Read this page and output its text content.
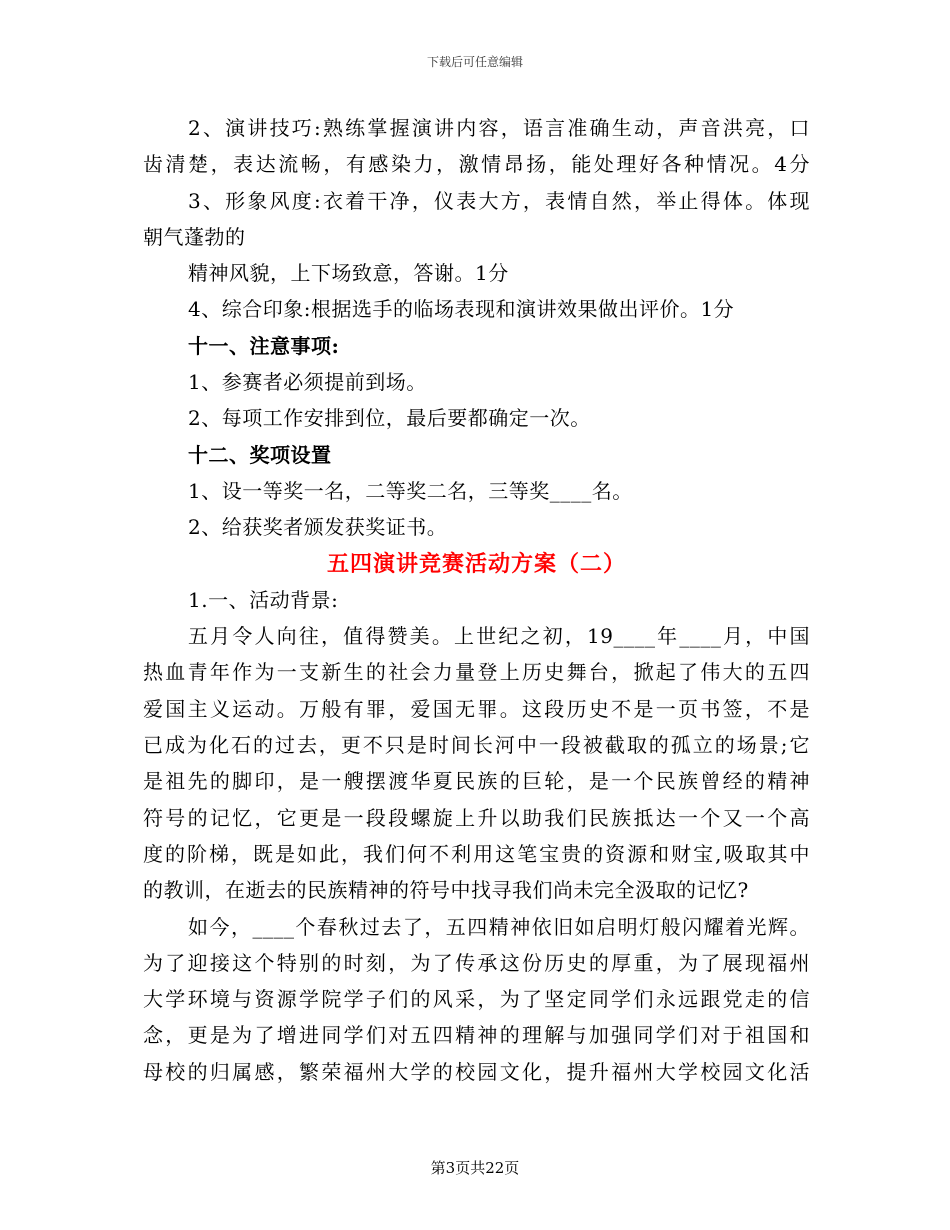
下载后可任意编辑
2、演讲技巧:熟练掌握演讲内容，语言准确生动，声音洪亮，口
齿清楚，表达流畅，有感染力，激情昂扬，能处理好各种情况。4分
3、形象风度:衣着干净，仪表大方，表情自然，举止得体。体现
朝气蓬勃的
精神风貌，上下场致意，答谢。1分
4、综合印象:根据选手的临场表现和演讲效果做出评价。1分
十一、注意事项:
1、参赛者必须提前到场。
2、每项工作安排到位，最后要都确定一次。
十二、奖项设置
1、设一等奖一名，二等奖二名，三等奖____名。
2、给获奖者颁发获奖证书。
五四演讲竞赛活动方案（二）
1.一、活动背景:
五月令人向往，值得赞美。上世纪之初，19____年____月，中国
热血青年作为一支新生的社会力量登上历史舞台，掀起了伟大的五四
爱国主义运动。万般有罪，爱国无罪。这段历史不是一页书签，不是
已成为化石的过去，更不只是时间长河中一段被截取的孤立的场景;它
是祖先的脚印，是一艘摆渡华夏民族的巨轮，是一个民族曾经的精神
符号的记忆，它更是一段段螺旋上升以助我们民族抵达一个又一个高
度的阶梯，既是如此，我们何不利用这笔宝贵的资源和财宝,吸取其中
的教训，在逝去的民族精神的符号中找寻我们尚未完全汲取的记忆?
如今，____个春秋过去了，五四精神依旧如启明灯般闪耀着光辉。
为了迎接这个特别的时刻，为了传承这份历史的厚重，为了展现福州
大学环境与资源学院学子们的风采，为了坚定同学们永远跟党走的信
念，更是为了增进同学们对五四精神的理解与加强同学们对于祖国和
母校的归属感，繁荣福州大学的校园文化，提升福州大学校园文化活
第3页共22页
